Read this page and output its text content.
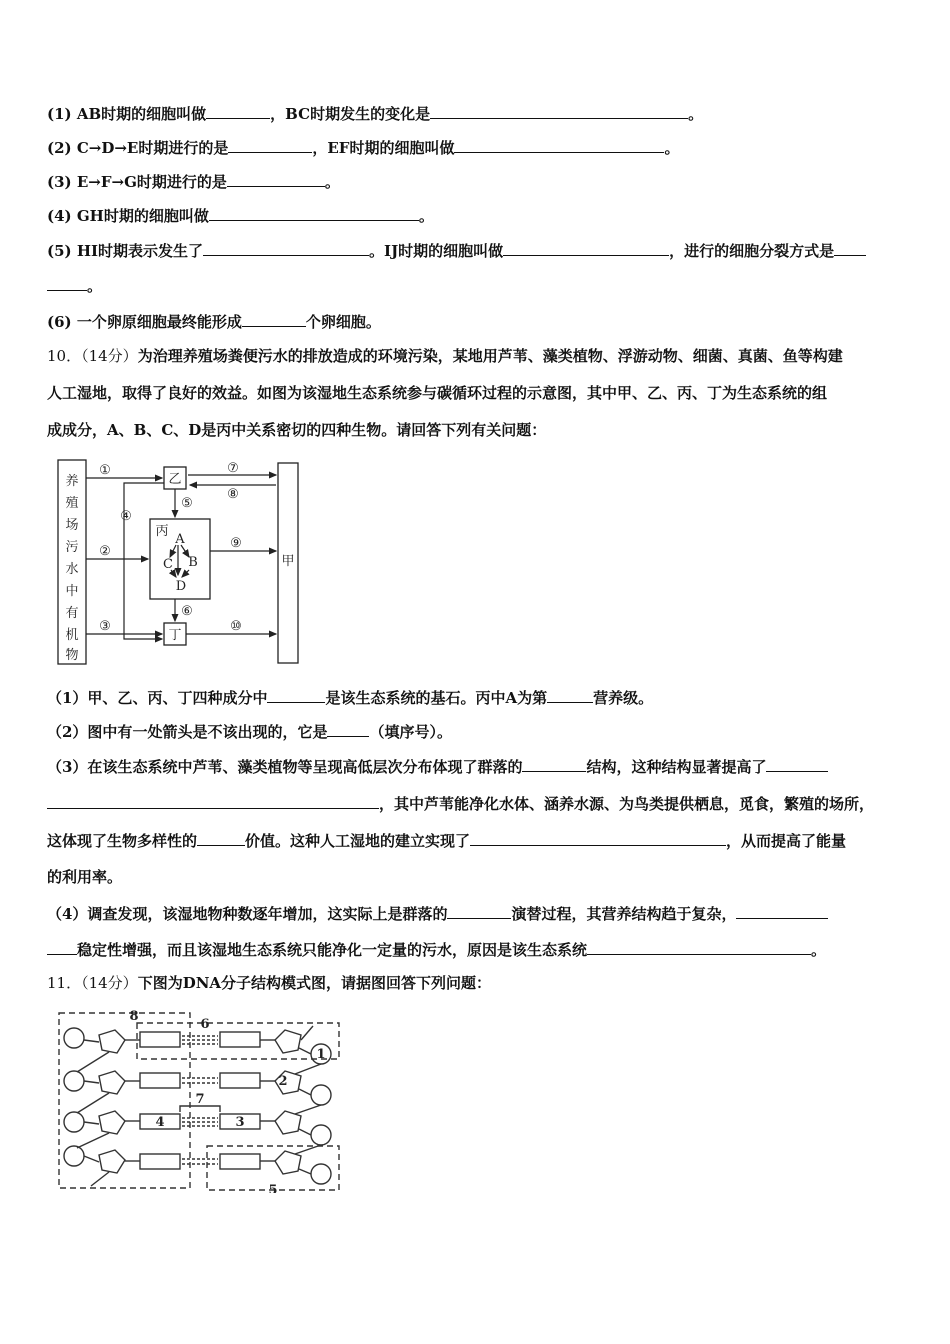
(1) AB时期的细胞叫做	，BC时期发生的变化是	。
(2) C→D→E时期进行的是	，EF时期的细胞叫做	。
(3) E→F→G时期进行的是	。
(4) GH时期的细胞叫做	。
(5) HI时期表示发生了	。IJ时期的细胞叫做	，进行的细胞分裂方式是
。
(6) 一个卵原细胞最终能形成	个卵细胞。
10．（14分）为治理养殖场粪便污水的排放造成的环境污染，某地用芦苇、藻类植物、浮游动物、细菌、真菌、鱼等构建
人工湿地，取得了良好的效益。如图为该湿地生态系统参与碳循环过程的示意图，其中甲、乙、丙、丁为生态系统的组
成成分，A、B、C、D是丙中关系密切的四种生物。请回答下列有关问题：
养
殖
场
污
水
中
有
机
物
乙
丙
丁
甲
A
C B
D
①
②
③
④
⑤
⑥
⑦
⑧
⑨
⑩
（1）甲、乙、丙、丁四种成分中	是该生态系统的基石。丙中A为第	营养级。
（2）图中有一处箭头是不该出现的，它是	（填序号）。
（3）在该生态系统中芦苇、藻类植物等呈现高低层次分布体现了群落的	结构，这种结构显著提高了
，其中芦苇能净化水体、涵养水源、为鸟类提供栖息，觅食，繁殖的场所，
这体现了生物多样性的	价值。这种人工湿地的建立实现了	，从而提高了能量
的利用率。
（4）调查发现，该湿地物种数逐年增加，这实际上是群落的	演替过程，其营养结构趋于复杂，
稳定性增强，而且该湿地生态系统只能净化一定量的污水，原因是该生态系统	。
11．（14分）下图为DNA分子结构模式图，请据图回答下列问题：
8
6
7
4	3
2
1
5
